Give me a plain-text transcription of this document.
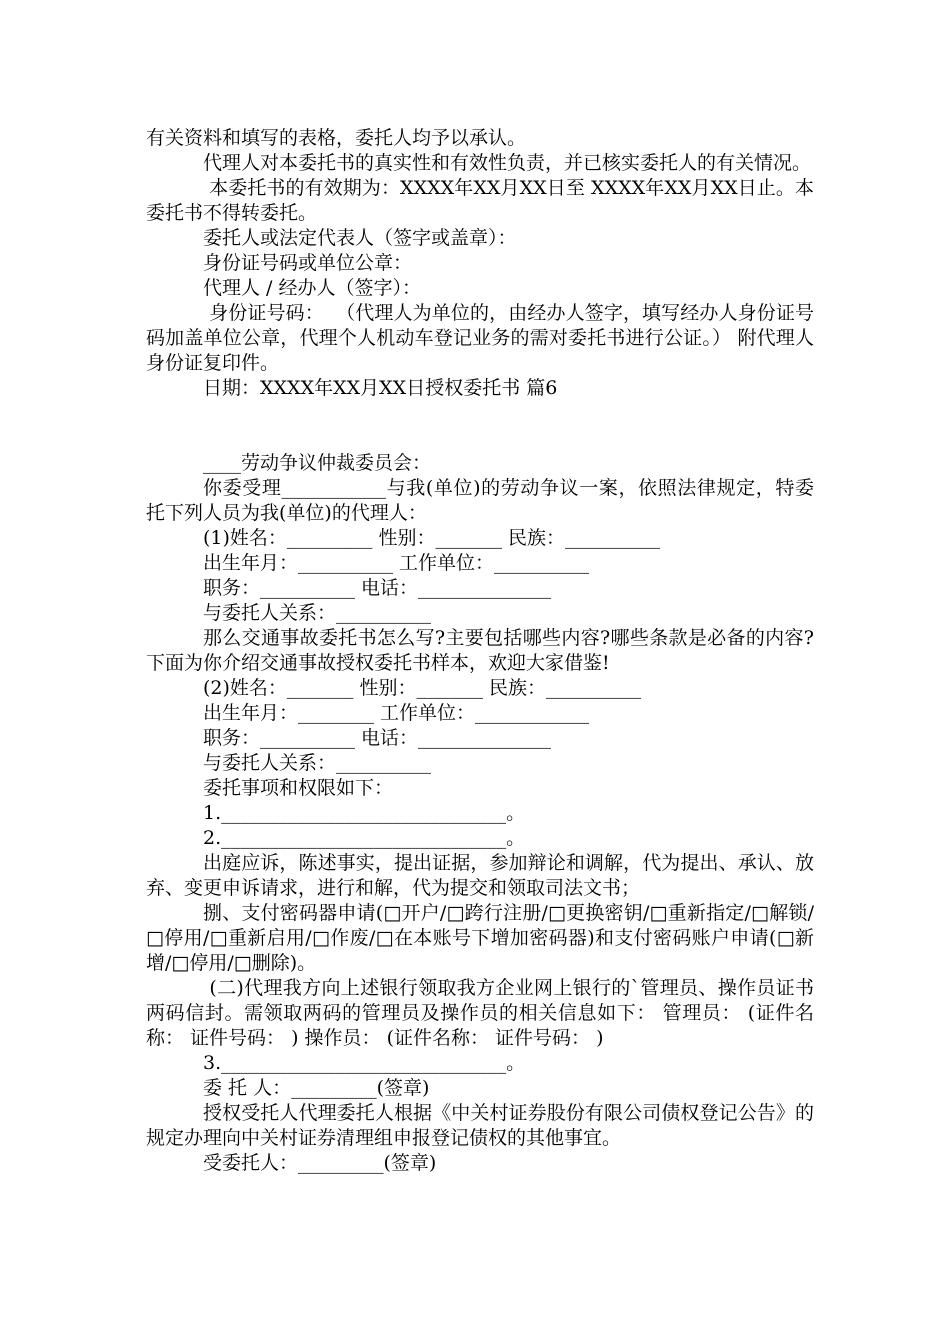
有关资料和填写的表格，委托人均予以承认。

代理人对本委托书的真实性和有效性负责，并已核实委托人的有关情况。

本委托书的有效期为：XXXX年XX月XX日至 XXXX年XX月XX日止。本委托书不得转委托。

委托人或法定代表人（签字或盖章）：

身份证号码或单位公章：

代理人 / 经办人（签字）：

身份证号码：  （代理人为单位的，由经办人签字，填写经办人身份证号码加盖单位公章，代理个人机动车登记业务的需对委托书进行公证。） 附代理人身份证复印件。

日期：XXXX年XX月XX日授权委托书 篇6

____劳动争议仲裁委员会：

你委受理___________与我(单位)的劳动争议一案，依照法律规定，特委托下列人员为我(单位)的代理人：

(1)姓名：_________ 性别：_______ 民族：__________

出生年月：__________ 工作单位：__________

职务：__________ 电话：______________

与委托人关系：__________

那么交通事故委托书怎么写?主要包括哪些内容?哪些条款是必备的内容?下面为你介绍交通事故授权委托书样本，欢迎大家借鉴!

(2)姓名：_______ 性别：_______ 民族：__________

出生年月：________ 工作单位：____________

职务：__________ 电话：______________

与委托人关系：__________

委托事项和权限如下：

1.______________________________。

2.______________________________。

出庭应诉，陈述事实，提出证据，参加辩论和调解，代为提出、承认、放弃、变更申诉请求，进行和解，代为提交和领取司法文书；

捌、支付密码器申请(□开户/□跨行注册/□更换密钥/□重新指定/□解锁/□停用/□重新启用/□作废/□在本账号下增加密码器)和支付密码账户申请(□新增/□停用/□删除)。

(二)代理我方向上述银行领取我方企业网上银行的`管理员、操作员证书两码信封。需领取两码的管理员及操作员的相关信息如下： 管理员： (证件名称： 证件号码： ) 操作员： (证件名称： 证件号码： )

3.______________________________。

委 托 人：_________(签章)

授权受托人代理委托人根据《中关村证券股份有限公司债权登记公告》的规定办理向中关村证券清理组申报登记债权的其他事宜。

受委托人：_________(签章)
